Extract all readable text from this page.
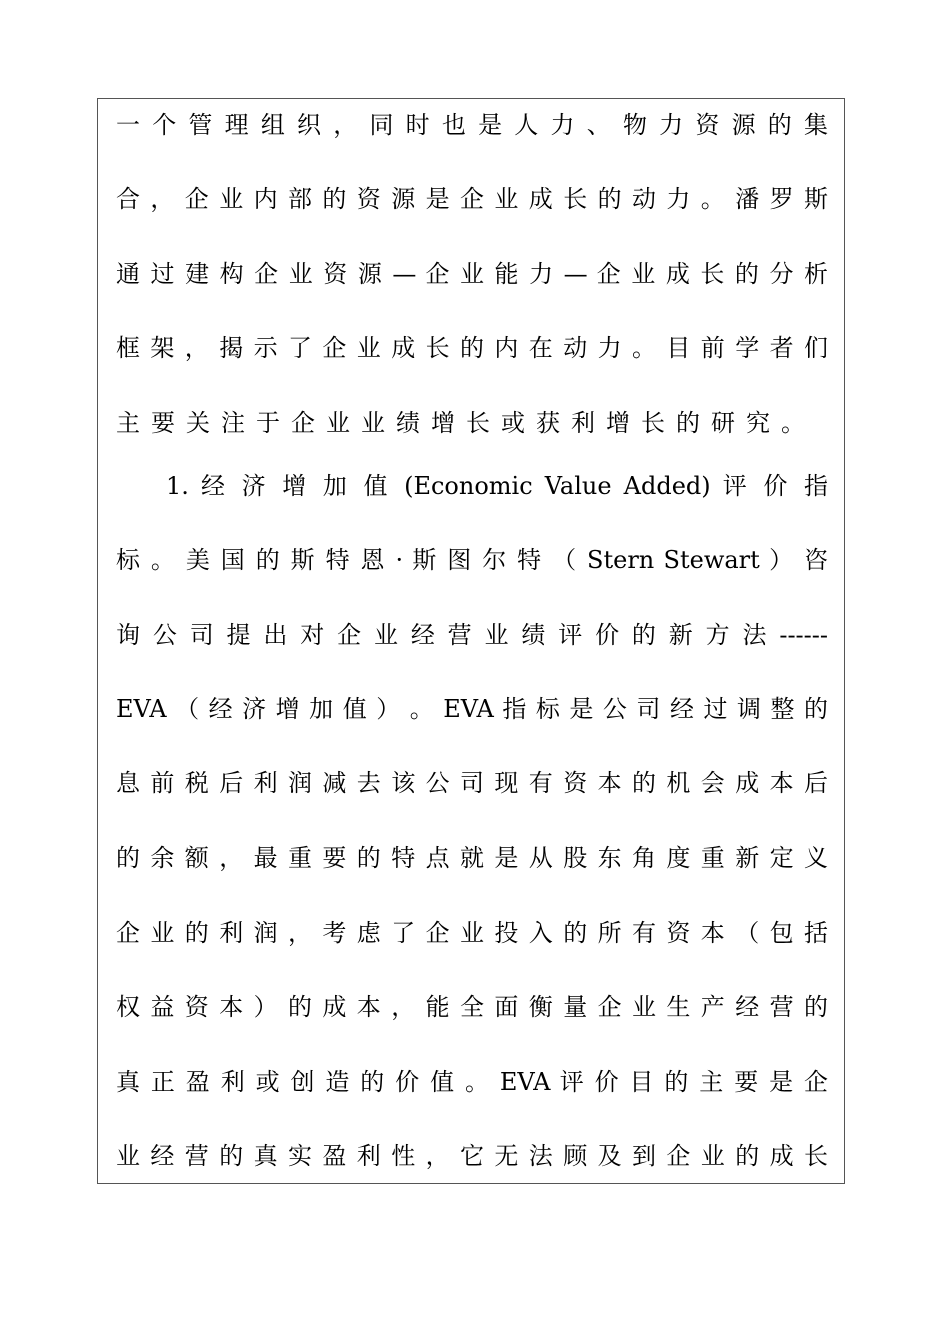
一 个 管 理 组 织 ， 同 时 也 是 人 力 、 物 力 资 源 的 集
合 ， 企 业 内 部 的 资 源 是 企 业 成 长 的 动 力 。 潘 罗 斯
通 过 建 构 企 业 资 源 — 企 业 能 力 — 企 业 成 长 的 分 析
框 架 ， 揭 示 了 企 业 成 长 的 内 在 动 力 。 目 前 学 者 们
主要关注于企业业绩增长或获利增长的研究。
1. 经 济 增 加 值 (Economic Value Added) 评 价 指
标 。 美 国 的 斯 特 恩 · 斯 图 尔 特 （ Stern Stewart ） 咨
询 公 司 提 出 对 企 业 经 营 业 绩 评 价 的 新 方 法 ------
EVA （ 经 济 增 加 值 ） 。 EVA 指 标 是 公 司 经 过 调 整 的
息 前 税 后 利 润 减 去 该 公 司 现 有 资 本 的 机 会 成 本 后
的 余 额 ， 最 重 要 的 特 点 就 是 从 股 东 角 度 重 新 定 义
企 业 的 利 润 ， 考 虑 了 企 业 投 入 的 所 有 资 本 （ 包 括
权 益 资 本 ） 的 成 本 ， 能 全 面 衡 量 企 业 生 产 经 营 的
真 正 盈 利 或 创 造 的 价 值 。 EVA 评 价 目 的 主 要 是 企
业 经 营 的 真 实 盈 利 性 ， 它 无 法 顾 及 到 企 业 的 成 长
